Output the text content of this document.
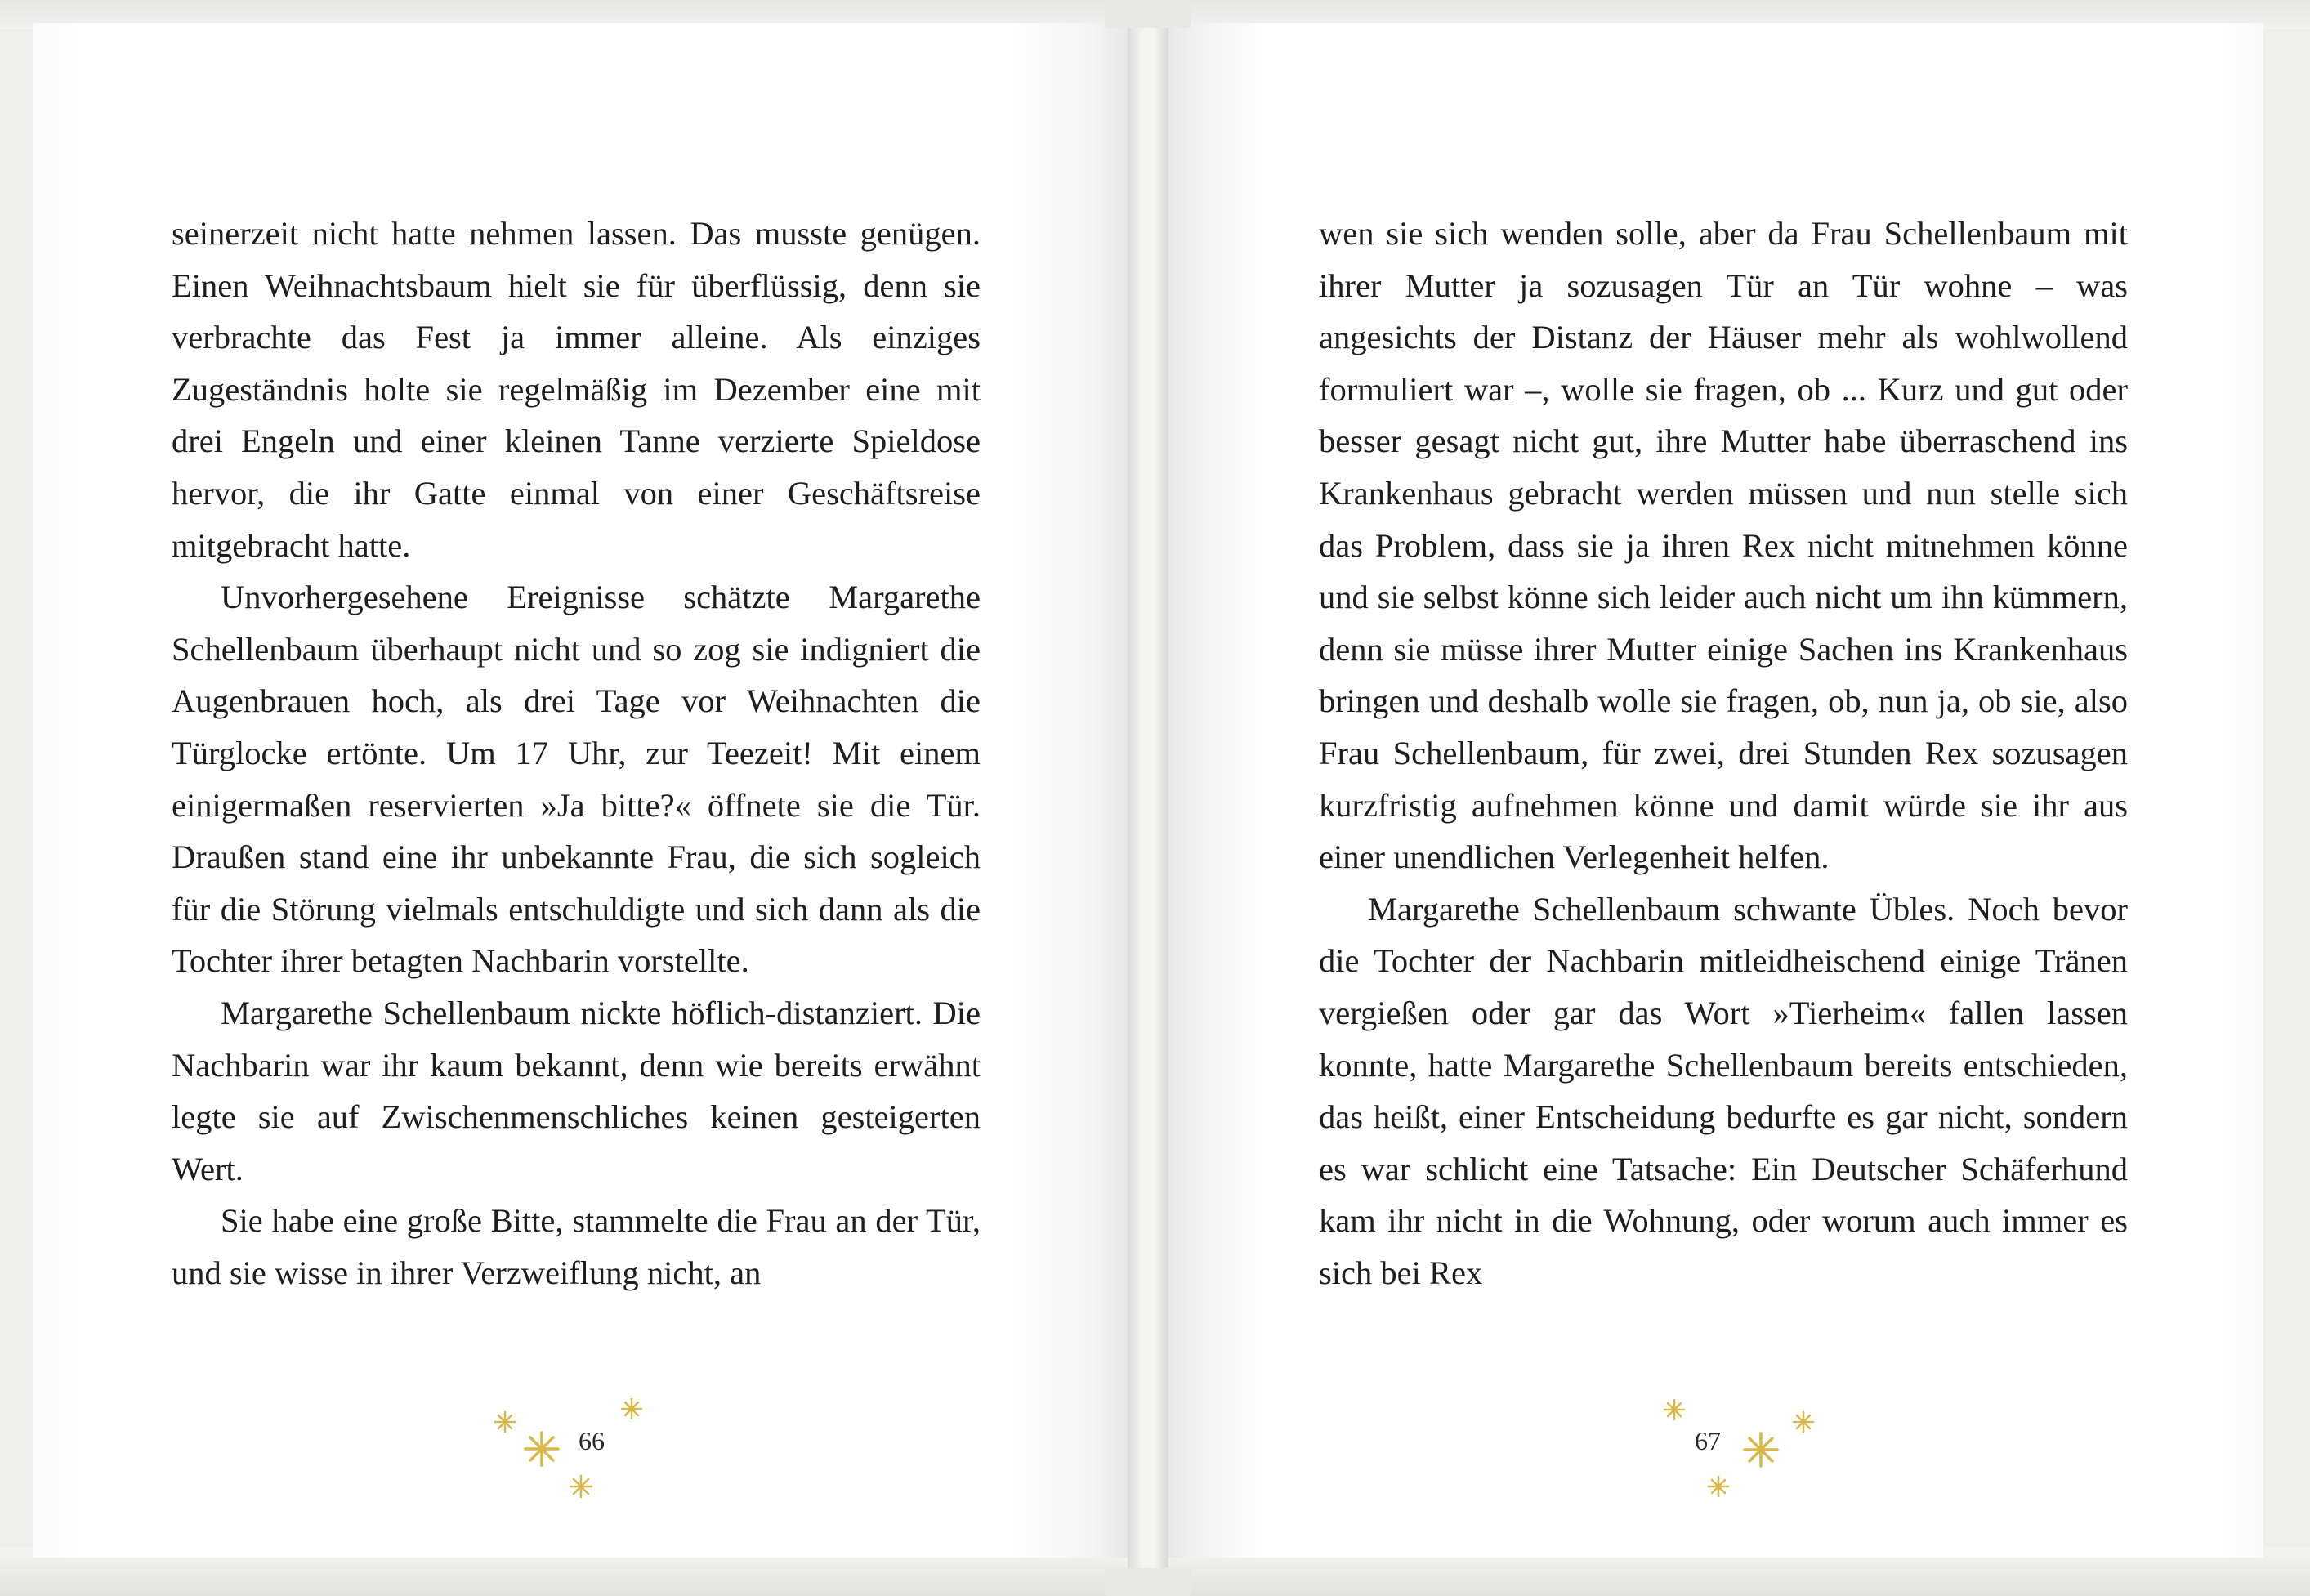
seinerzeit nicht hatte nehmen lassen. Das musste genügen. Einen Weihnachtsbaum hielt sie für überflüssig, denn sie verbrachte das Fest ja immer alleine. Als einziges Zugeständnis holte sie regelmäßig im Dezember eine mit drei Engeln und einer kleinen Tanne verzierte Spieldose hervor, die ihr Gatte einmal von einer Geschäftsreise mitgebracht hatte.

Unvorhergesehene Ereignisse schätzte Margarethe Schellenbaum überhaupt nicht und so zog sie indigniert die Augenbrauen hoch, als drei Tage vor Weihnachten die Türglocke ertönte. Um 17 Uhr, zur Teezeit! Mit einem einigermaßen reservierten »Ja bitte?« öffnete sie die Tür. Draußen stand eine ihr unbekannte Frau, die sich sogleich für die Störung vielmals entschuldigte und sich dann als die Tochter ihrer betagten Nachbarin vorstellte.

Margarethe Schellenbaum nickte höflich-distanziert. Die Nachbarin war ihr kaum bekannt, denn wie bereits erwähnt legte sie auf Zwischenmenschliches keinen gesteigerten Wert.

Sie habe eine große Bitte, stammelte die Frau an der Tür, und sie wisse in ihrer Verzweiflung nicht, an

wen sie sich wenden solle, aber da Frau Schellenbaum mit ihrer Mutter ja sozusagen Tür an Tür wohne – was angesichts der Distanz der Häuser mehr als wohlwollend formuliert war –, wolle sie fragen, ob ... Kurz und gut oder besser gesagt nicht gut, ihre Mutter habe überraschend ins Krankenhaus gebracht werden müssen und nun stelle sich das Problem, dass sie ja ihren Rex nicht mitnehmen könne und sie selbst könne sich leider auch nicht um ihn kümmern, denn sie müsse ihrer Mutter einige Sachen ins Krankenhaus bringen und deshalb wolle sie fragen, ob, nun ja, ob sie, also Frau Schellenbaum, für zwei, drei Stunden Rex sozusagen kurzfristig aufnehmen könne und damit würde sie ihr aus einer unendlichen Verlegenheit helfen.

Margarethe Schellenbaum schwante Übles. Noch bevor die Tochter der Nachbarin mitleidheischend einige Tränen vergießen oder gar das Wort »Tierheim« fallen lassen konnte, hatte Margarethe Schellenbaum bereits entschieden, das heißt, einer Entscheidung bedurfte es gar nicht, sondern es war schlicht eine Tatsache: Ein Deutscher Schäferhund kam ihr nicht in die Wohnung, oder worum auch immer es sich bei Rex

66	67
